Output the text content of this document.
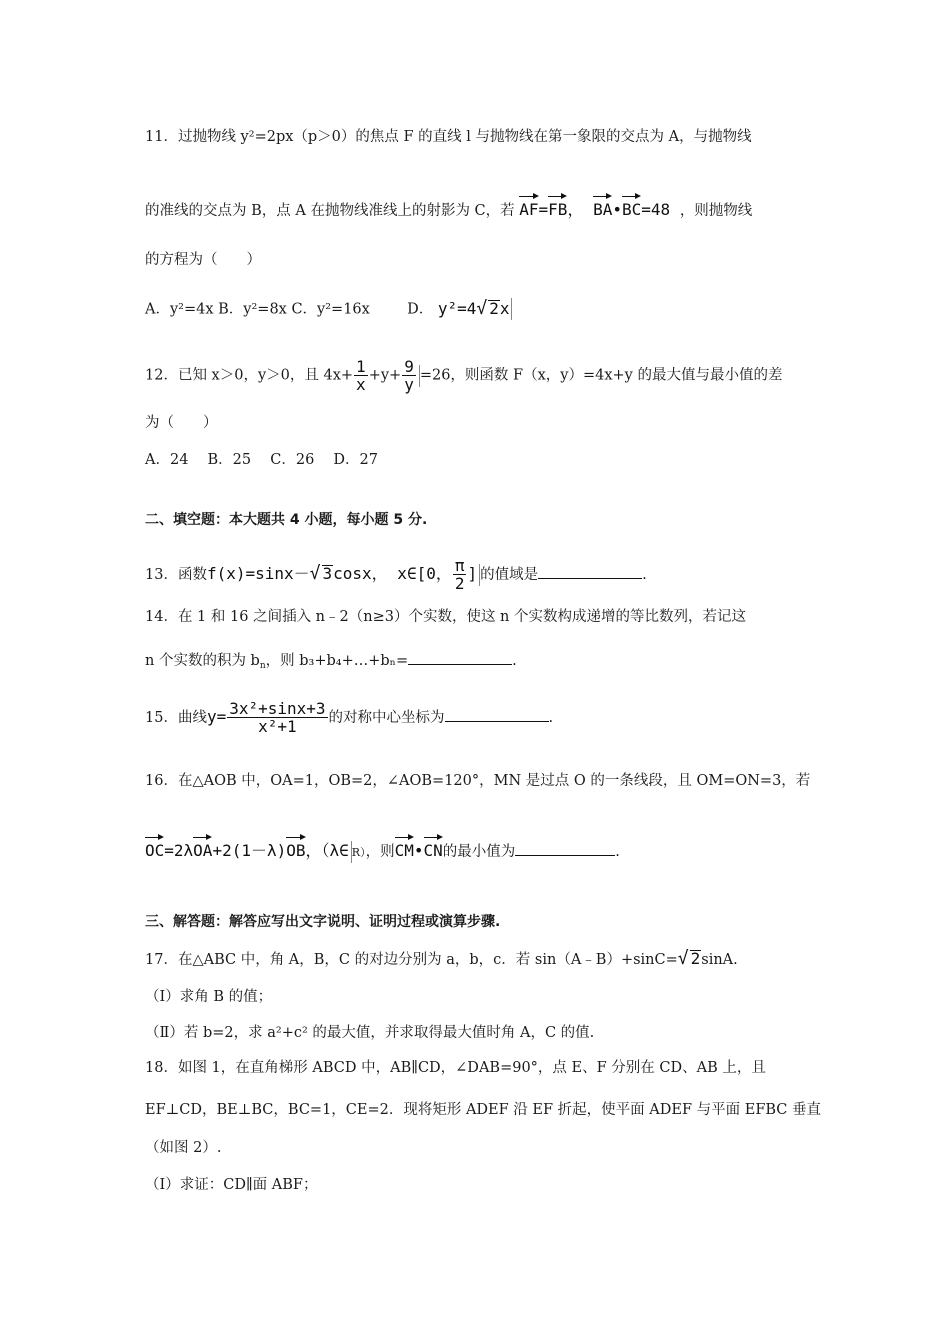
11．过抛物线 y²=2px（p＞0）的焦点 F 的直线 l 与抛物线在第一象限的交点为 A，与抛物线
的准线的交点为 B，点 A 在抛物线准线上的射影为 C，若 AF=FB， BA•BC=48 ，则抛物线
的方程为（　　）
A．y²=4x B．y²=8x C．y²=16x	D． y²=4√ 2x
12．已知 x＞0，y＞0，且 $4x+ \frac{1}{x} +y+ \frac{9}{y} =26$，则函数 F（x，y）=4x+y 的最大值与最小值的差
为（　　）
A．24　 B．25　 C．26　 D．27
二、填空题：本大题共 4 小题，每小题 5 分.
13．函数f(x)=sinx－√ 3cosx， x∈[0， $\frac{\pi}{2}$ ] 的值域是	.
14．在 1 和 16 之间插入 n﹣2（n≥3）个实数，使这 n 个实数构成递增的等比数列，若记这
n 个实数的积为 $b_n$，则 b₃+b₄+…+bₙ=	.
15．曲线$y= \frac{\text{3x²+sinx+3}}{\text{x²+1}}$ 的对称中心坐标为	.
16．在△AOB 中，OA=1，OB=2，∠AOB=120°，MN 是过点 O 的一条线段，且 OM=ON=3，若
OC=2λOA+2(1－λ)OB，（λ∈ R），则CM•CN的最小值为	.
三、解答题：解答应写出文字说明、证明过程或演算步骤.
17．在△ABC 中，角 A，B，C 的对边分别为 a，b，c．若 sin（A﹣B）+sinC=√ 2sinA.
（Ⅰ）求角 B 的值；
（Ⅱ）若 b=2，求 a²+c² 的最大值，并求取得最大值时角 A，C 的值.
18．如图 1，在直角梯形 ABCD 中，AB∥CD，∠DAB=90°，点 E、F 分别在 CD、AB 上，且
EF⊥CD，BE⊥BC，BC=1，CE=2．现将矩形 ADEF 沿 EF 折起，使平面 ADEF 与平面 EFBC 垂直
（如图 2）.
（Ⅰ）求证：CD∥面 ABF；
